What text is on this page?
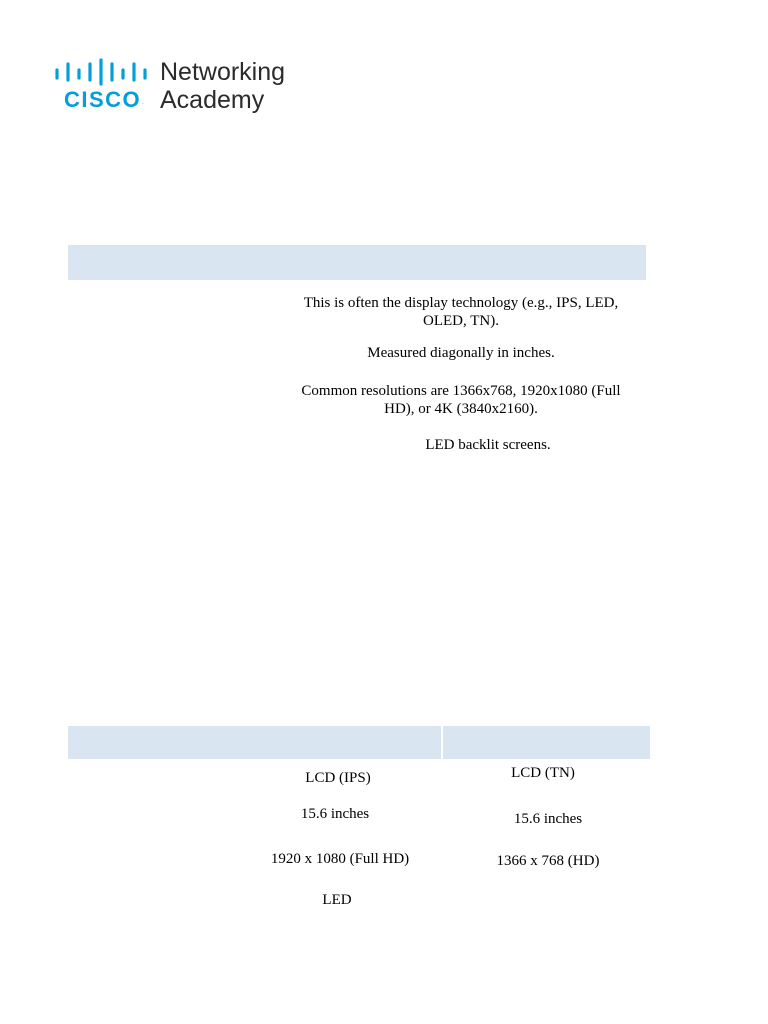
CISCO .
Networking
Academy
This is often the display technology (e.g., IPS, LED, OLED, TN).
Measured diagonally in inches.
Common resolutions are 1366x768, 1920x1080 (Full HD), or 4K (3840x2160).
LED backlit screens.
LCD (IPS)
15.6 inches
1920 x 1080 (Full HD)
LED
LCD (TN)
15.6 inches
1366 x 768 (HD)
